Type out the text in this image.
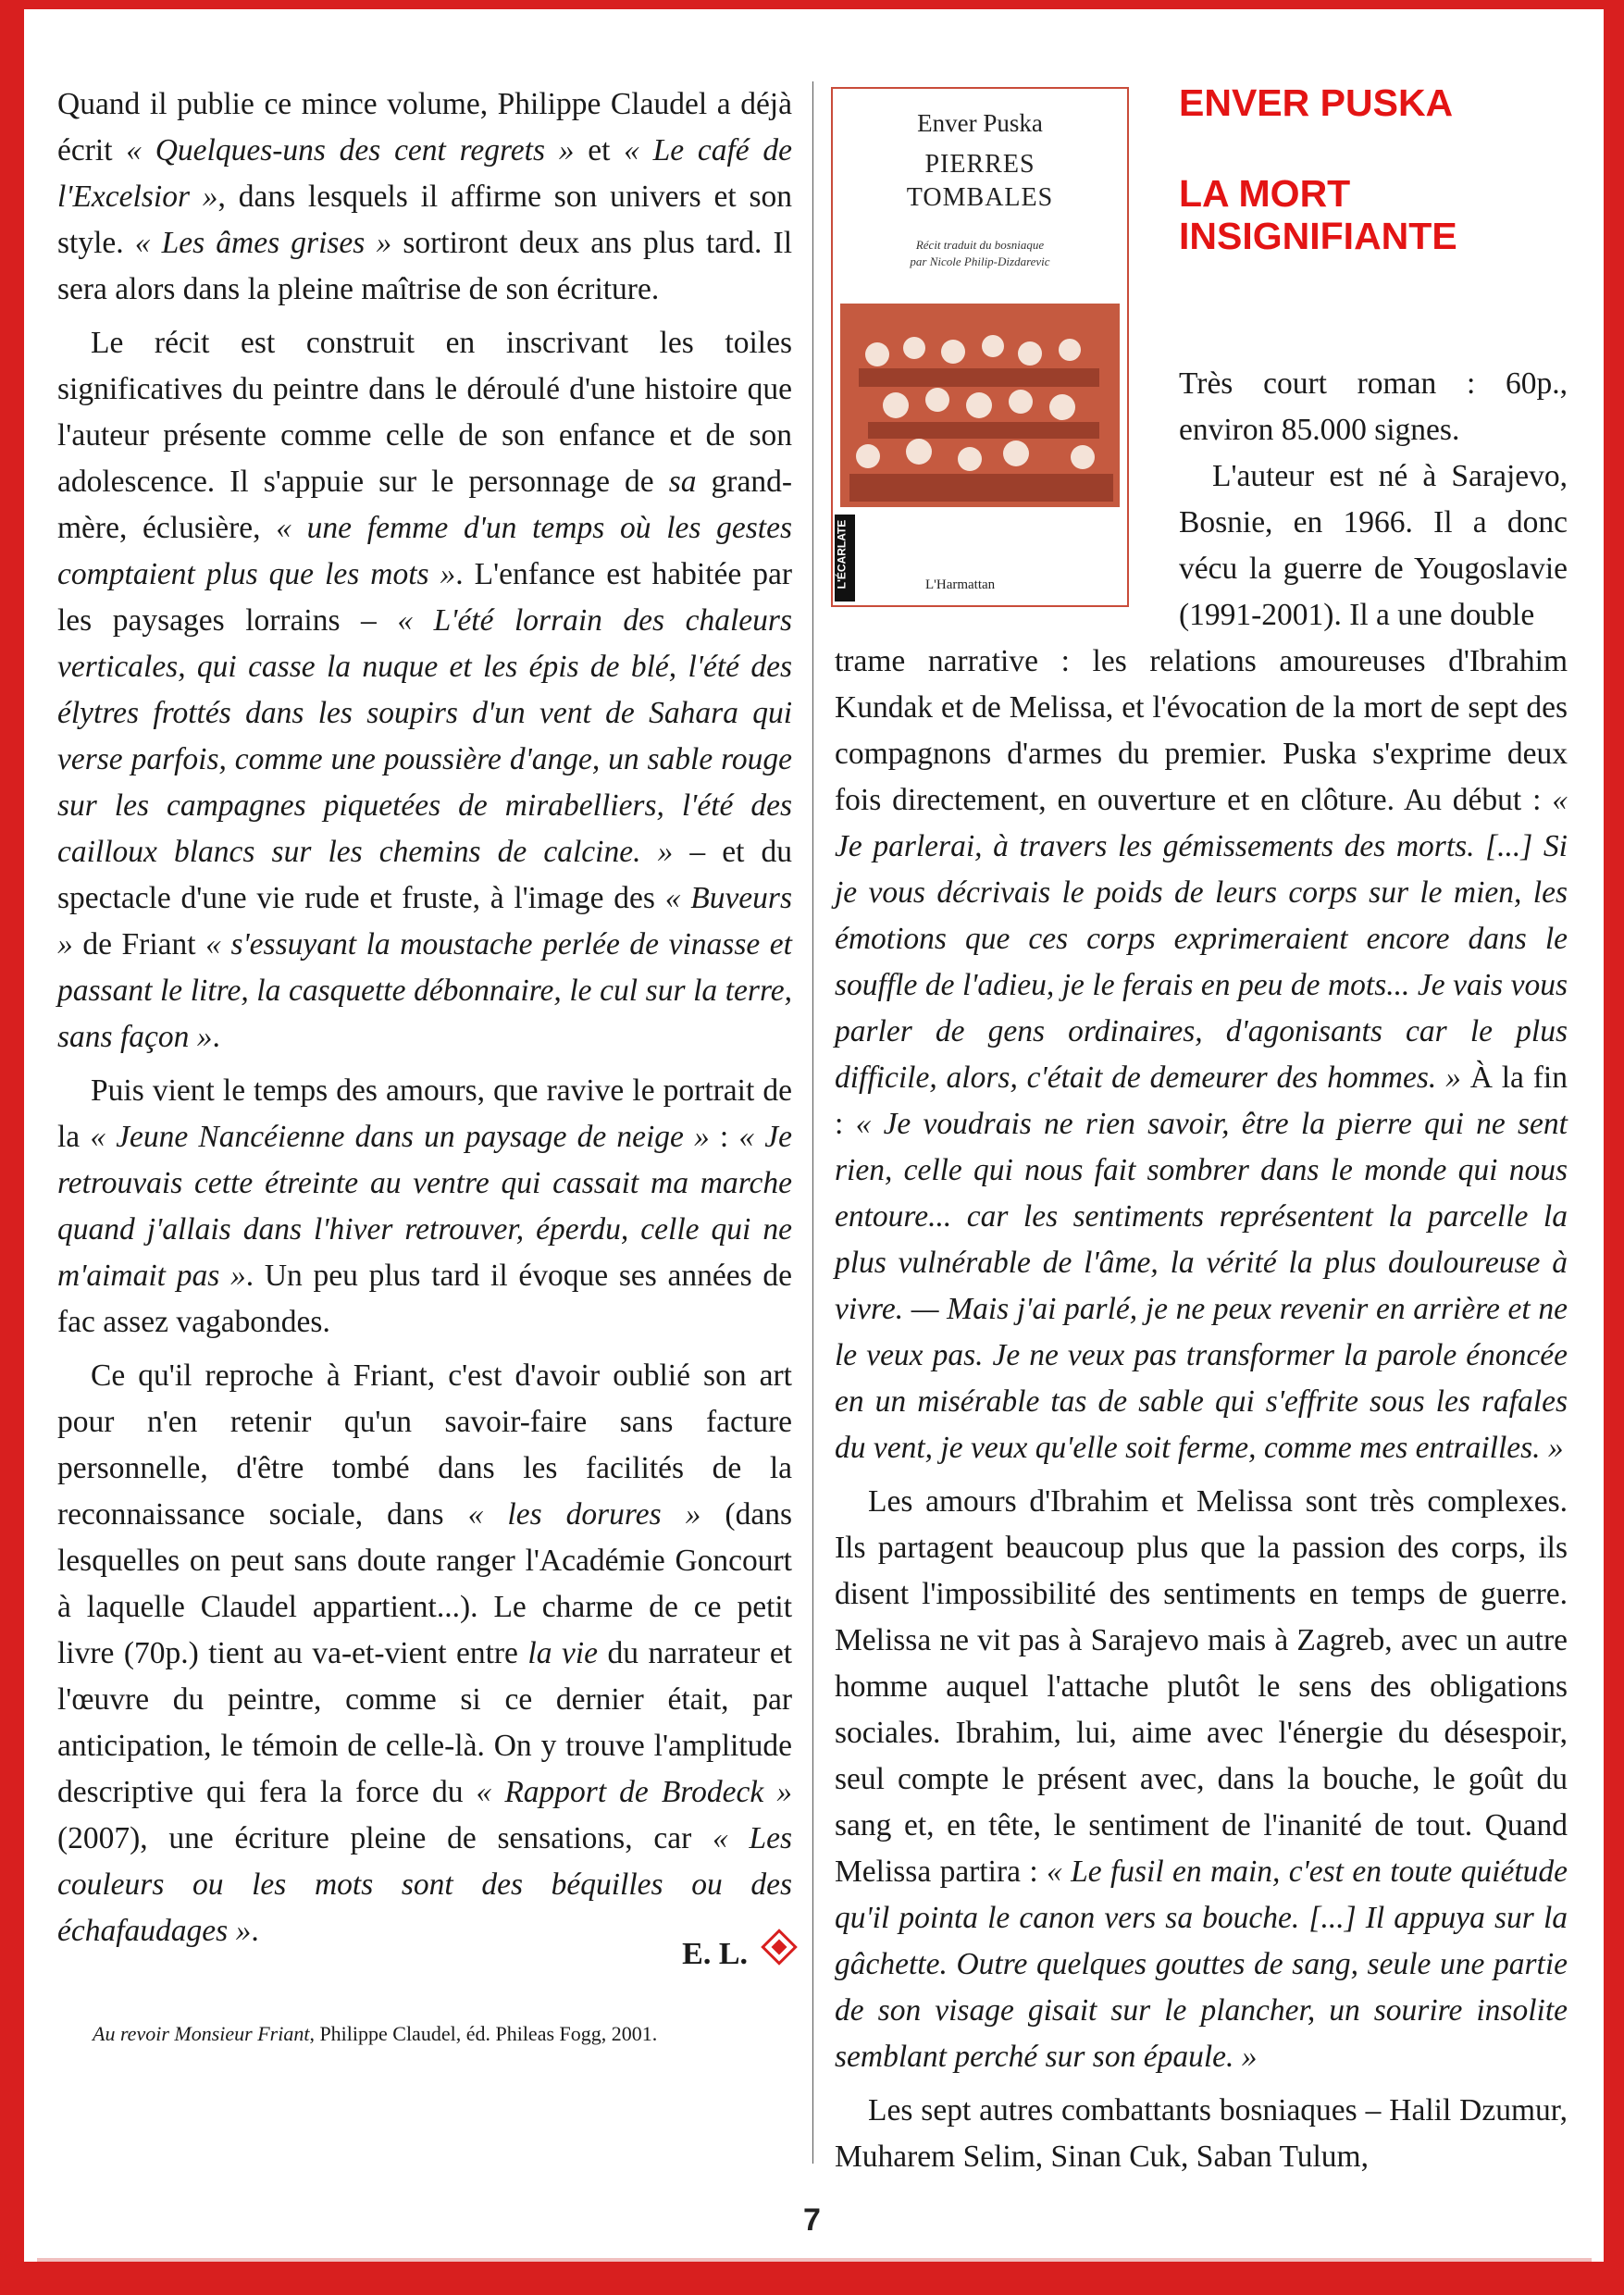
Quand il publie ce mince volume, Philippe Claudel a déjà écrit « Quelques-uns des cent regrets » et « Le café de l'Excelsior », dans lesquels il affirme son univers et son style. « Les âmes grises » sortiront deux ans plus tard. Il sera alors dans la pleine maîtrise de son écriture.

Le récit est construit en inscrivant les toiles significatives du peintre dans le déroulé d'une histoire que l'auteur présente comme celle de son enfance et de son adolescence. Il s'appuie sur le personnage de sa grand-mère, éclusière, « une femme d'un temps où les gestes comptaient plus que les mots ». L'enfance est habitée par les paysages lorrains – « L'été lorrain des chaleurs verticales, qui casse la nuque et les épis de blé, l'été des élytres frottés dans les soupirs d'un vent de Sahara qui verse parfois, comme une poussière d'ange, un sable rouge sur les campagnes piquetées de mirabelliers, l'été des cailloux blancs sur les chemins de calcine. » – et du spectacle d'une vie rude et fruste, à l'image des « Buveurs » de Friant « s'essuyant la moustache perlée de vinasse et passant le litre, la casquette débonnaire, le cul sur la terre, sans façon ».

Puis vient le temps des amours, que ravive le portrait de la « Jeune Nancéienne dans un paysage de neige » : « Je retrouvais cette étreinte au ventre qui cassait ma marche quand j'allais dans l'hiver retrouver, éperdu, celle qui ne m'aimait pas ». Un peu plus tard il évoque ses années de fac assez vagabondes.

Ce qu'il reproche à Friant, c'est d'avoir oublié son art pour n'en retenir qu'un savoir-faire sans facture personnelle, d'être tombé dans les facilités de la reconnaissance sociale, dans « les dorures » (dans lesquelles on peut sans doute ranger l'Académie Goncourt à laquelle Claudel appartient...). Le charme de ce petit livre (70p.) tient au va-et-vient entre la vie du narrateur et l'œuvre du peintre, comme si ce dernier était, par anticipation, le témoin de celle-là. On y trouve l'amplitude descriptive qui fera la force du « Rapport de Brodeck » (2007), une écriture pleine de sensations, car « Les couleurs ou les mots sont des béquilles ou des échafaudages ».

E. L.
Au revoir Monsieur Friant, Philippe Claudel, éd. Phileas Fogg, 2001.
Enver Puska
PIERRES
TOMBALES
Récit traduit du bosniaque
par Nicole Philip-Dizdarevic
L'ÉCARLATE	L'Harmattan
ENVER PUSKA
LA MORT INSIGNIFIANTE

Très court roman : 60p., environ 85.000 signes.

L'auteur est né à Sarajevo, Bosnie, en 1966. Il a donc vécu la guerre de Yougoslavie (1991-2001). Il a une double

trame narrative : les relations amoureuses d'Ibrahim Kundak et de Melissa, et l'évocation de la mort de sept des compagnons d'armes du premier. Puska s'exprime deux fois directement, en ouverture et en clôture. Au début : « Je parlerai, à travers les gémissements des morts. [...] Si je vous décrivais le poids de leurs corps sur le mien, les émotions que ces corps exprimeraient encore dans le souffle de l'adieu, je le ferais en peu de mots... Je vais vous parler de gens ordinaires, d'agonisants car le plus difficile, alors, c'était de demeurer des hommes. » À la fin : « Je voudrais ne rien savoir, être la pierre qui ne sent rien, celle qui nous fait sombrer dans le monde qui nous entoure... car les sentiments représentent la parcelle la plus vulnérable de l'âme, la vérité la plus douloureuse à vivre. — Mais j'ai parlé, je ne peux revenir en arrière et ne le veux pas. Je ne veux pas transformer la parole énoncée en un misérable tas de sable qui s'effrite sous les rafales du vent, je veux qu'elle soit ferme, comme mes entrailles. »

Les amours d'Ibrahim et Melissa sont très complexes. Ils partagent beaucoup plus que la passion des corps, ils disent l'impossibilité des sentiments en temps de guerre. Melissa ne vit pas à Sarajevo mais à Zagreb, avec un autre homme auquel l'attache plutôt le sens des obligations sociales. Ibrahim, lui, aime avec l'énergie du désespoir, seul compte le présent avec, dans la bouche, le goût du sang et, en tête, le sentiment de l'inanité de tout. Quand Melissa partira : « Le fusil en main, c'est en toute quiétude qu'il pointa le canon vers sa bouche. [...] Il appuya sur la gâchette. Outre quelques gouttes de sang, seule une partie de son visage gisait sur le plancher, un sourire insolite semblant perché sur son épaule. »

Les sept autres combattants bosniaques – Halil Dzumur, Muharem Selim, Sinan Cuk, Saban Tulum,

7
